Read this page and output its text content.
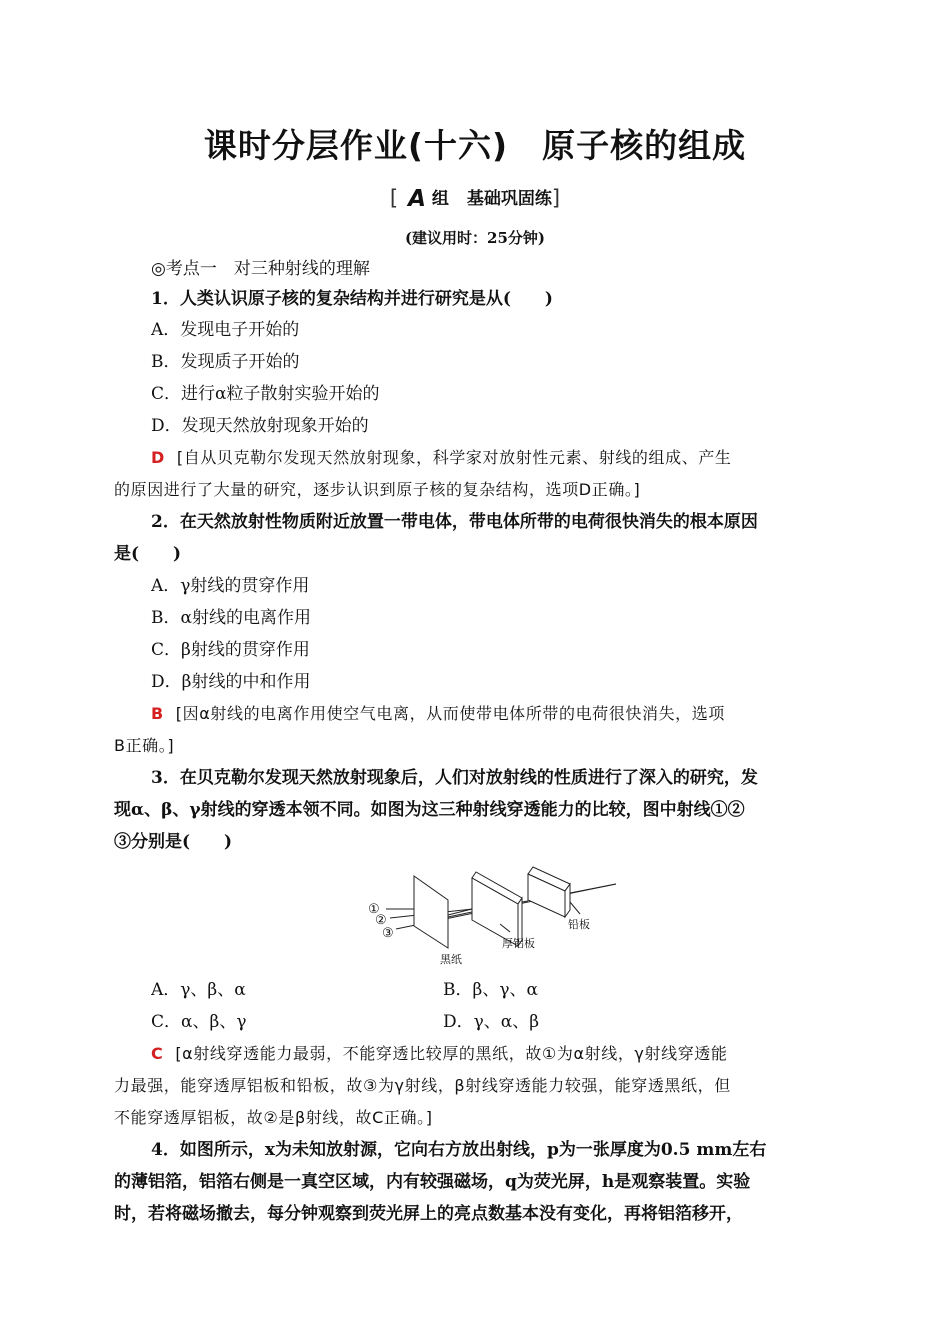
课时分层作业(十六) 原子核的组成
[ A 组 基础巩固练]
(建议用时：25分钟)
◎考点一　对三种射线的理解
1．人类认识原子核的复杂结构并进行研究是从(　　)
A．发现电子开始的
B．发现质子开始的
C．进行α粒子散射实验开始的
D．发现天然放射现象开始的
D [自从贝克勒尔发现天然放射现象，科学家对放射性元素、射线的组成、产生
的原因进行了大量的研究，逐步认识到原子核的复杂结构，选项D正确。]
2．在天然放射性物质附近放置一带电体，带电体所带的电荷很快消失的根本原因
是(　　)
A．γ射线的贯穿作用
B．α射线的电离作用
C．β射线的贯穿作用
D．β射线的中和作用
B [因α射线的电离作用使空气电离，从而使带电体所带的电荷很快消失，选项
B正确。]
3．在贝克勒尔发现天然放射现象后，人们对放射线的性质进行了深入的研究，发
现α、β、γ射线的穿透本领不同。如图为这三种射线穿透能力的比较，图中射线①②
③分别是(　　)
①
②
③
黑纸
厚铝板
铅板
A．γ、β、α	B．β、γ、α
C．α、β、γ	D．γ、α、β
C [α射线穿透能力最弱，不能穿透比较厚的黑纸，故①为α射线，γ射线穿透能
力最强，能穿透厚铝板和铅板，故③为γ射线，β射线穿透能力较强，能穿透黑纸，但
不能穿透厚铝板，故②是β射线，故C正确。]
4．如图所示，x为未知放射源，它向右方放出射线，p为一张厚度为0.5 mm左右
的薄铝箔，铝箔右侧是一真空区域，内有较强磁场，q为荧光屏，h是观察装置。实验
时，若将磁场撤去，每分钟观察到荧光屏上的亮点数基本没有变化，再将铝箔移开，
